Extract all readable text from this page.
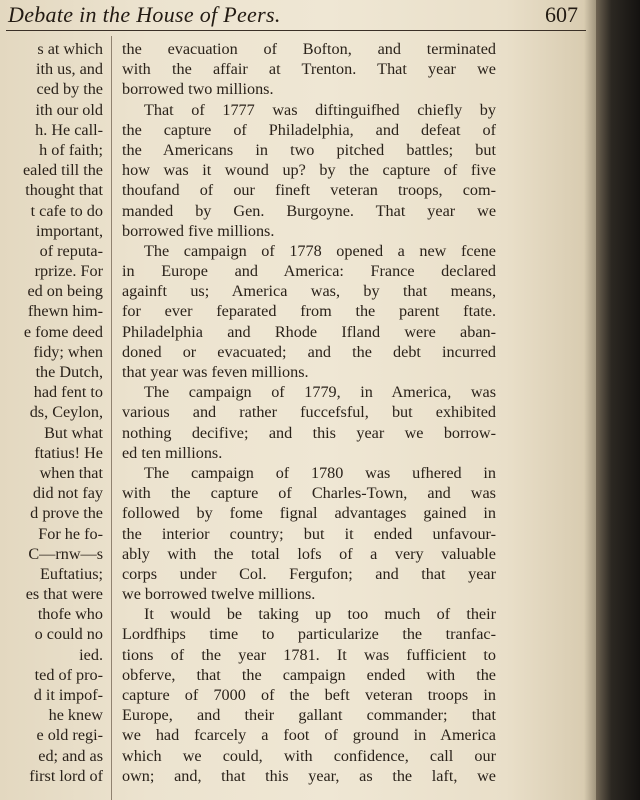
Debate in the House of Peers.	607
s at which
ith us, and
ced by the
ith our old
h. He call-
h of faith;
ealed till the
thought that
t cafe to do
important,
of reputa-
rprize. For
ed on being
fhewn him-
e fome deed
fidy; when
the Dutch,
had fent to
ds, Ceylon,
But what
ftatius! He
when that
did not fay
d prove the
For he fo-
C—rnw—s
Euftatius;
es that were
thofe who
o could no
ied.
ted of pro-
d it impof-
he knew
e old regi-
ed; and as
first lord of
the evacuation of Bofton, and terminated
with the affair at Trenton. That year we
borrowed two millions.
That of 1777 was diftinguifhed chiefly by
the capture of Philadelphia, and defeat of
the Americans in two pitched battles; but
how was it wound up? by the capture of five
thoufand of our fineft veteran troops, com-
manded by Gen. Burgoyne. That year we
borrowed five millions.
The campaign of 1778 opened a new fcene
in Europe and America: France declared
againft us; America was, by that means,
for ever feparated from the parent ftate.
Philadelphia and Rhode Ifland were aban-
doned or evacuated; and the debt incurred
that year was feven millions.
The campaign of 1779, in America, was
various and rather fuccefsful, but exhibited
nothing decifive; and this year we borrow-
ed ten millions.
The campaign of 1780 was ufhered in
with the capture of Charles-Town, and was
followed by fome fignal advantages gained in
the interior country; but it ended unfavour-
ably with the total lofs of a very valuable
corps under Col. Fergufon; and that year
we borrowed twelve millions.
It would be taking up too much of their
Lordfhips time to particularize the tranfac-
tions of the year 1781. It was fufficient to
obferve, that the campaign ended with the
capture of 7000 of the beft veteran troops in
Europe, and their gallant commander; that
we had fcarcely a foot of ground in America
which we could, with confidence, call our
own; and, that this year, as the laft, we
